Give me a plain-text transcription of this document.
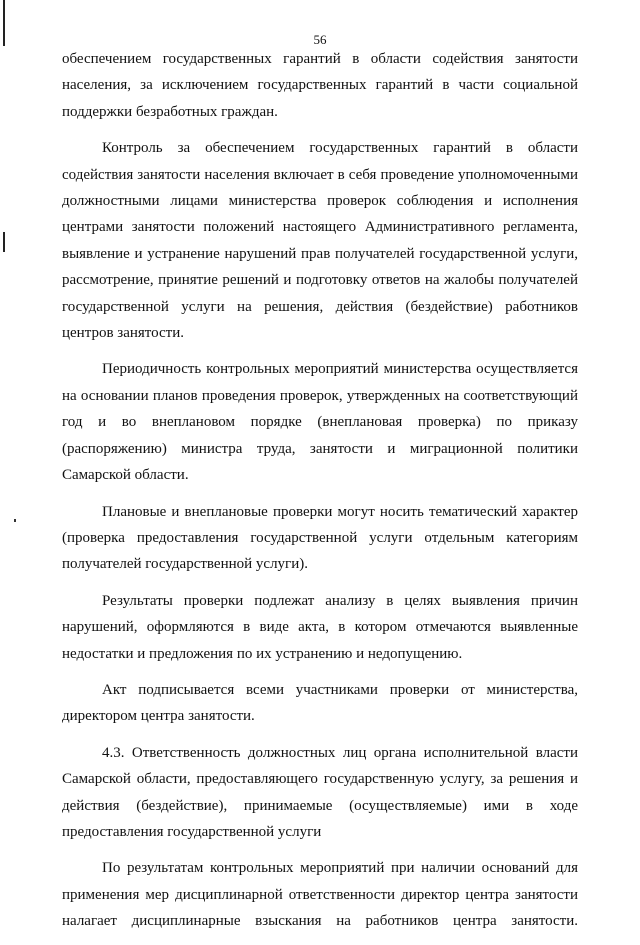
56
обеспечением государственных гарантий в области содействия занятости
населения, за исключением государственных гарантий в части социальной
поддержки безработных граждан.
Контроль за обеспечением государственных гарантий в области
содействия занятости населения включает в себя проведение уполномоченными
должностными лицами министерства проверок соблюдения и исполнения
центрами занятости положений настоящего Административного регламента,
выявление и устранение нарушений прав получателей государственной услуги,
рассмотрение, принятие решений и подготовку ответов на жалобы получателей
государственной услуги на решения, действия (бездействие) работников
центров занятости.
Периодичность контрольных мероприятий министерства осуществляется
на основании планов проведения проверок, утвержденных на соответствующий
год и во внеплановом порядке (внеплановая проверка) по приказу
(распоряжению) министра труда, занятости и миграционной политики
Самарской области.
Плановые и внеплановые проверки могут носить тематический характер
(проверка предоставления государственной услуги отдельным категориям
получателей государственной услуги).
Результаты проверки подлежат анализу в целях выявления причин
нарушений, оформляются в виде акта, в котором отмечаются выявленные
недостатки и предложения по их устранению и недопущению.
Акт подписывается всеми участниками проверки от министерства,
директором центра занятости.
4.3. Ответственность должностных лиц органа исполнительной власти
Самарской области, предоставляющего государственную услугу, за решения и
действия (бездействие), принимаемые (осуществляемые) ими в ходе
предоставления государственной услуги
По результатам контрольных мероприятий при наличии оснований для
применения мер дисциплинарной ответственности директор центра занятости
налагает дисциплинарные взыскания на работников центра занятости.
